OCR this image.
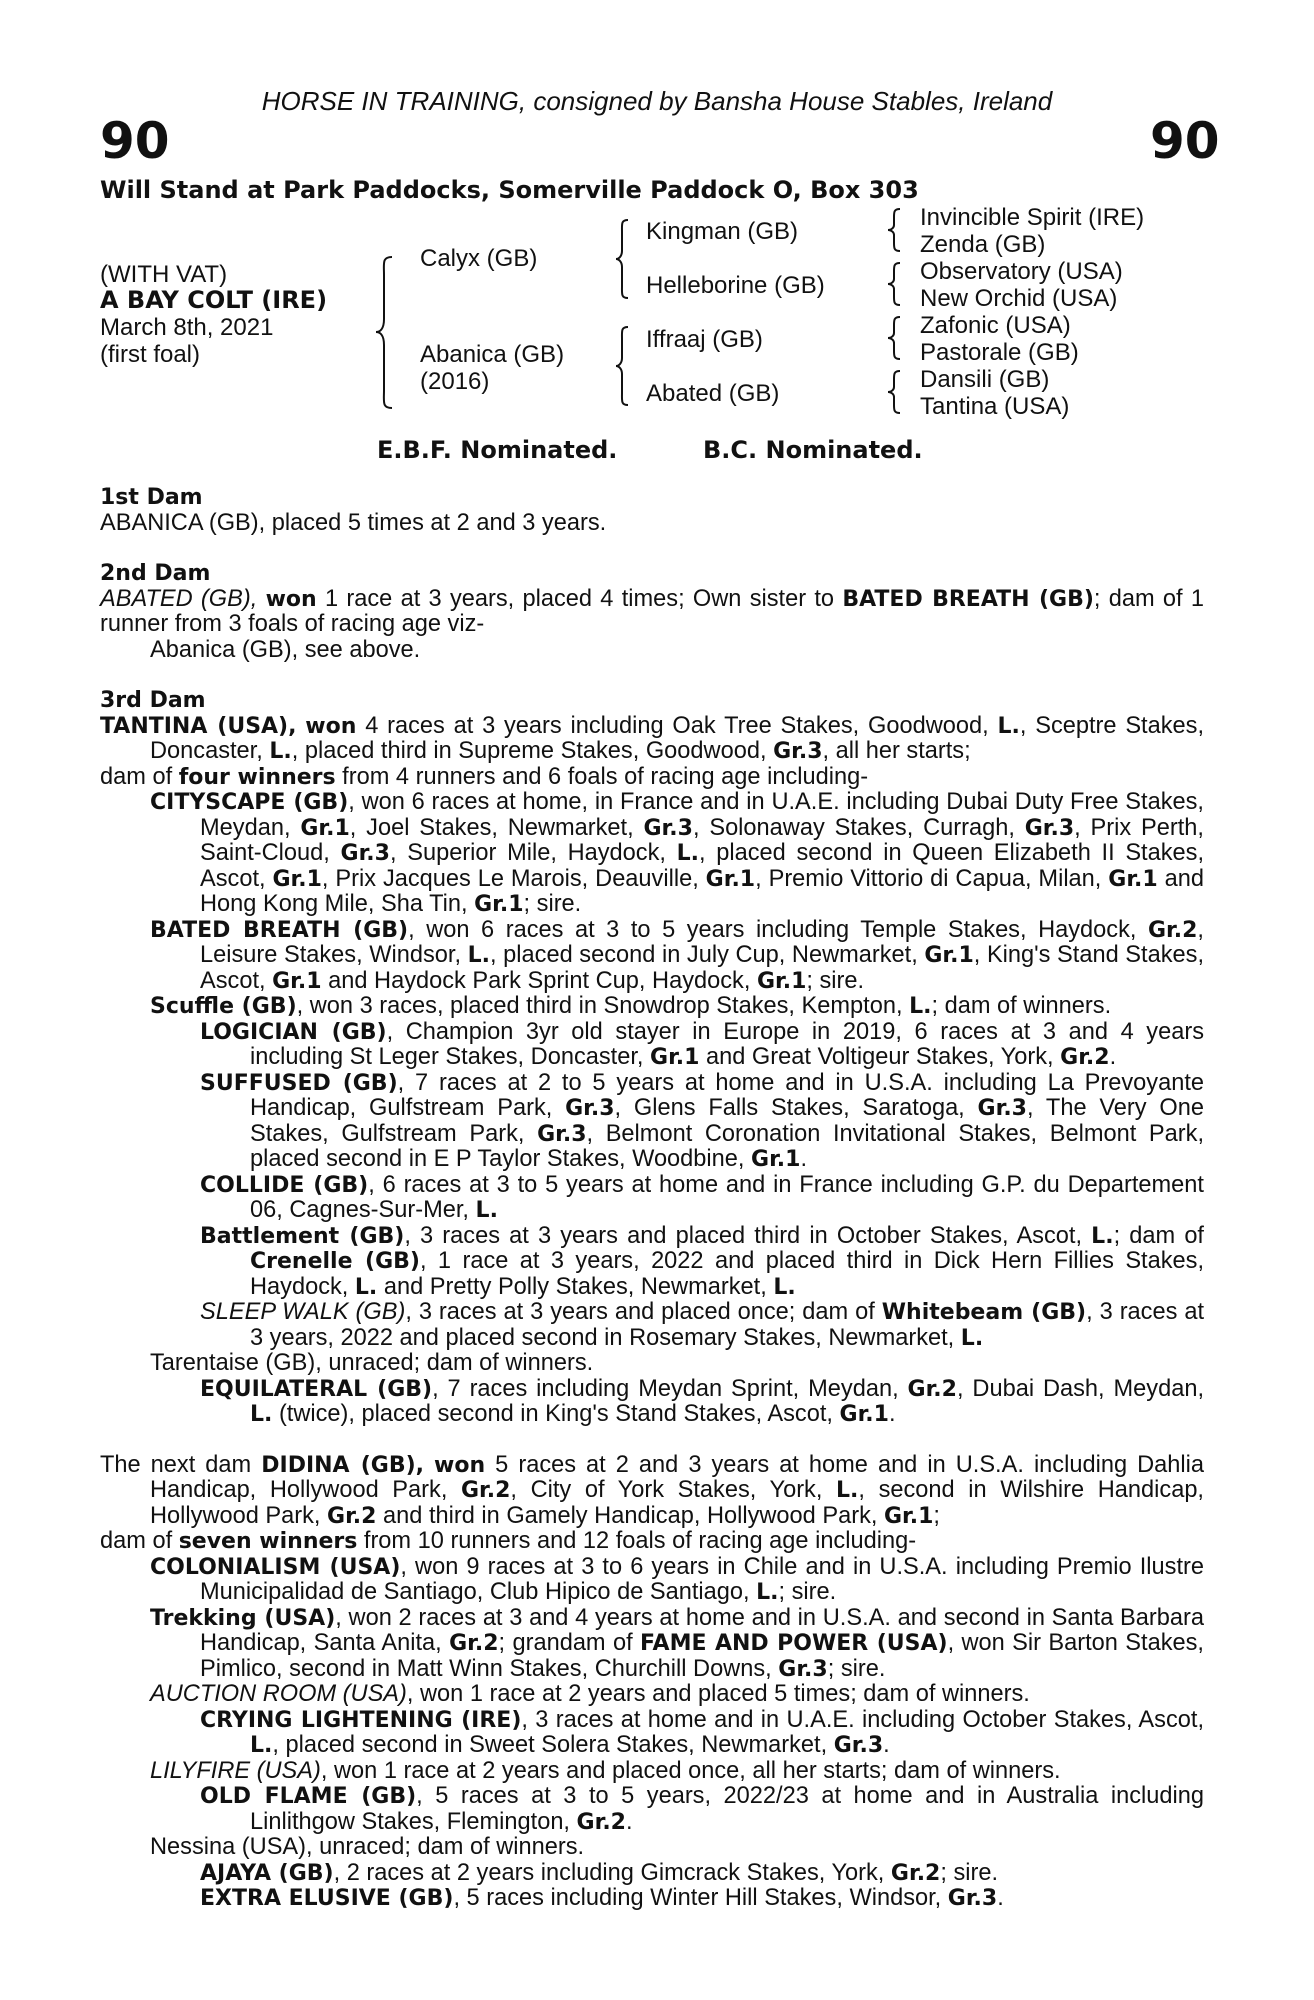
HORSE IN TRAINING, consigned by Bansha House Stables, Ireland
90	90
Will Stand at Park Paddocks, Somerville Paddock O, Box 303
(WITH VAT)
A BAY COLT (IRE)
March 8th, 2021
(first foal)
Calyx (GB)
Abanica (GB)
(2016)
Kingman (GB)
Helleborine (GB)
Iffraaj (GB)
Abated (GB)
Invincible Spirit (IRE)
Zenda (GB)
Observatory (USA)
New Orchid (USA)
Zafonic (USA)
Pastorale (GB)
Dansili (GB)
Tantina (USA)
E.B.F. Nominated.	B.C. Nominated.

1st Dam

ABANICA (GB), placed 5 times at 2 and 3 years.

2nd Dam

ABATED (GB), won 1 race at 3 years, placed 4 times; Own sister to BATED BREATH (GB); dam of 1 runner from 3 foals of racing age viz-

Abanica (GB), see above.

3rd Dam

TANTINA (USA), won 4 races at 3 years including Oak Tree Stakes, Goodwood, L., Sceptre Stakes, Doncaster, L., placed third in Supreme Stakes, Goodwood, Gr.3, all her starts;

dam of four winners from 4 runners and 6 foals of racing age including-

CITYSCAPE (GB), won 6 races at home, in France and in U.A.E. including Dubai Duty Free Stakes, Meydan, Gr.1, Joel Stakes, Newmarket, Gr.3, Solonaway Stakes, Curragh, Gr.3, Prix Perth, Saint-Cloud, Gr.3, Superior Mile, Haydock, L., placed second in Queen Elizabeth II Stakes, Ascot, Gr.1, Prix Jacques Le Marois, Deauville, Gr.1, Premio Vittorio di Capua, Milan, Gr.1 and Hong Kong Mile, Sha Tin, Gr.1; sire.

BATED BREATH (GB), won 6 races at 3 to 5 years including Temple Stakes, Haydock, Gr.2, Leisure Stakes, Windsor, L., placed second in July Cup, Newmarket, Gr.1, King's Stand Stakes, Ascot, Gr.1 and Haydock Park Sprint Cup, Haydock, Gr.1; sire.

Scuffle (GB), won 3 races, placed third in Snowdrop Stakes, Kempton, L.; dam of winners.

LOGICIAN (GB), Champion 3yr old stayer in Europe in 2019, 6 races at 3 and 4 years including St Leger Stakes, Doncaster, Gr.1 and Great Voltigeur Stakes, York, Gr.2.

SUFFUSED (GB), 7 races at 2 to 5 years at home and in U.S.A. including La Prevoyante Handicap, Gulfstream Park, Gr.3, Glens Falls Stakes, Saratoga, Gr.3, The Very One Stakes, Gulfstream Park, Gr.3, Belmont Coronation Invitational Stakes, Belmont Park, placed second in E P Taylor Stakes, Woodbine, Gr.1.

COLLIDE (GB), 6 races at 3 to 5 years at home and in France including G.P. du Departement 06, Cagnes-Sur-Mer, L.

Battlement (GB), 3 races at 3 years and placed third in October Stakes, Ascot, L.; dam of Crenelle (GB), 1 race at 3 years, 2022 and placed third in Dick Hern Fillies Stakes, Haydock, L. and Pretty Polly Stakes, Newmarket, L.

SLEEP WALK (GB), 3 races at 3 years and placed once; dam of Whitebeam (GB), 3 races at 3 years, 2022 and placed second in Rosemary Stakes, Newmarket, L.

Tarentaise (GB), unraced; dam of winners.

EQUILATERAL (GB), 7 races including Meydan Sprint, Meydan, Gr.2, Dubai Dash, Meydan, L. (twice), placed second in King's Stand Stakes, Ascot, Gr.1.

The next dam DIDINA (GB), won 5 races at 2 and 3 years at home and in U.S.A. including Dahlia Handicap, Hollywood Park, Gr.2, City of York Stakes, York, L., second in Wilshire Handicap, Hollywood Park, Gr.2 and third in Gamely Handicap, Hollywood Park, Gr.1;

dam of seven winners from 10 runners and 12 foals of racing age including-

COLONIALISM (USA), won 9 races at 3 to 6 years in Chile and in U.S.A. including Premio Ilustre Municipalidad de Santiago, Club Hipico de Santiago, L.; sire.

Trekking (USA), won 2 races at 3 and 4 years at home and in U.S.A. and second in Santa Barbara Handicap, Santa Anita, Gr.2; grandam of FAME AND POWER (USA), won Sir Barton Stakes, Pimlico, second in Matt Winn Stakes, Churchill Downs, Gr.3; sire.

AUCTION ROOM (USA), won 1 race at 2 years and placed 5 times; dam of winners.

CRYING LIGHTENING (IRE), 3 races at home and in U.A.E. including October Stakes, Ascot, L., placed second in Sweet Solera Stakes, Newmarket, Gr.3.

LILYFIRE (USA), won 1 race at 2 years and placed once, all her starts; dam of winners.

OLD FLAME (GB), 5 races at 3 to 5 years, 2022/23 at home and in Australia including Linlithgow Stakes, Flemington, Gr.2.

Nessina (USA), unraced; dam of winners.

AJAYA (GB), 2 races at 2 years including Gimcrack Stakes, York, Gr.2; sire.

EXTRA ELUSIVE (GB), 5 races including Winter Hill Stakes, Windsor, Gr.3.
